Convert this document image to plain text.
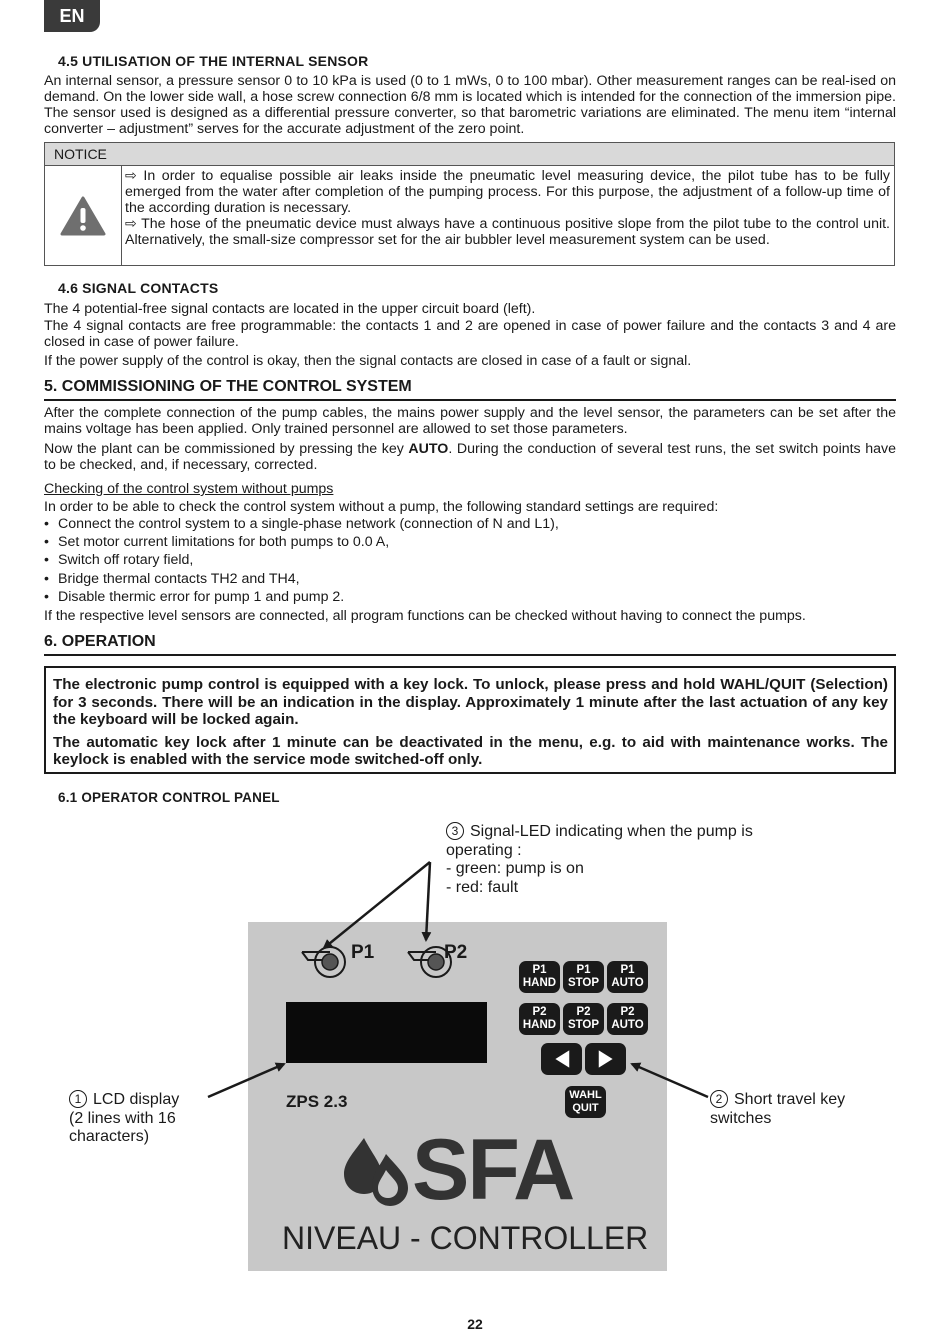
EN
4.5 UTILISATION OF THE INTERNAL SENSOR
An internal sensor, a pressure sensor 0 to 10 kPa is used (0 to 1 mWs, 0 to 100 mbar). Other measurement ranges can be real-ised on demand. On the lower side wall, a hose screw connection 6/8 mm is located which is intended for the connection of the immersion pipe. The sensor used is designed as a differential pressure converter, so that barometric variations are eliminated. The menu item “internal converter – adjustment” serves for the accurate adjustment of the zero point.
NOTICE
⇨ In order to equalise possible air leaks inside the pneumatic level measuring device, the pilot tube has to be fully emerged from the water after completion of the pumping process. For this purpose, the adjustment of a follow-up time of the according duration is necessary.
⇨ The hose of the pneumatic device must always have a continuous positive slope from the pilot tube to the control unit. Alternatively, the small-size compressor set for the air bubbler level measurement system can be used.
4.6 SIGNAL CONTACTS
The 4 potential-free signal contacts are located in the upper circuit board (left).
The 4 signal contacts are free programmable: the contacts 1 and 2 are opened in case of power failure and the contacts 3 and 4 are closed in case of power failure.
If the power supply of the control is okay, then the signal contacts are closed in case of a fault or signal.
5. COMMISSIONING OF THE CONTROL SYSTEM
After the complete connection of the pump cables, the mains power supply and the level sensor, the parameters can be set after the mains voltage has been applied. Only trained personnel are allowed to set those parameters.
Now the plant can be commissioned by pressing the key AUTO. During the conduction of several test runs, the set switch points have to be checked, and, if necessary, corrected.
Checking of the control system without pumps
In order to be able to check the control system without a pump, the following standard settings are required:
• Connect the control system to a single-phase network (connection of N and L1),
• Set motor current limitations for both pumps to 0.0 A,
• Switch off rotary field,
• Bridge thermal contacts TH2 and TH4,
• Disable thermic error for pump 1 and pump 2.
If the respective level sensors are connected, all program functions can be checked without having to connect the pumps.
6. OPERATION

The electronic pump control is equipped with a key lock. To unlock, please press and hold WAHL/QUIT (Selection) for 3 seconds. There will be an indication in the display. Approximately 1 minute after the last actuation of any key the keyboard will be locked again.

The automatic key lock after 1 minute can be deactivated in the menu, e.g. to aid with maintenance works. The keylock is enabled with the service mode switched-off only.

6.1 OPERATOR CONTROL PANEL
3 Signal-LED indicating when the pump is
operating :
- green: pump is on
- red: fault
1 LCD display
(2 lines with 16
characters)
2 Short travel key
switches
P1	P2
P1
HAND
P1
STOP
P1
AUTO
P2
HAND
P2
STOP
P2
AUTO
WAHL
QUIT
ZPS 2.3
SFA
NIVEAU - CONTROLLER
22
